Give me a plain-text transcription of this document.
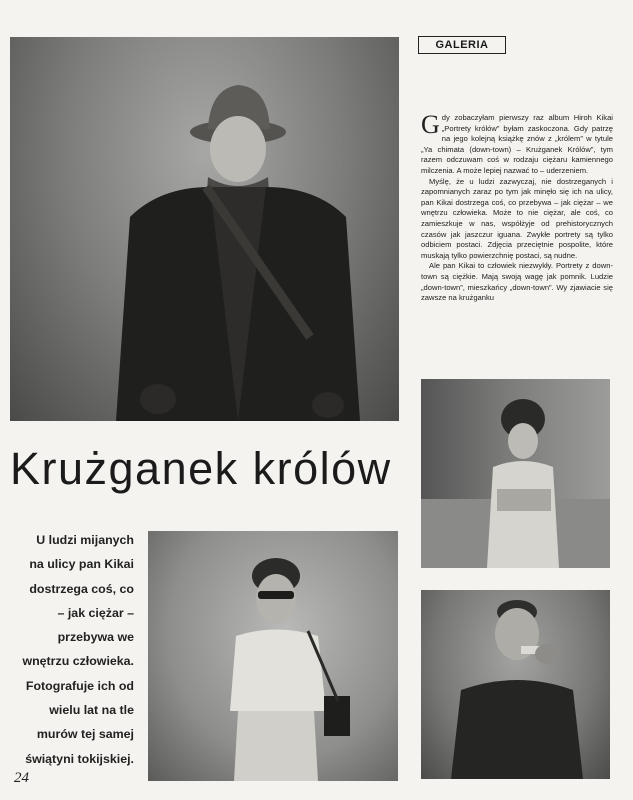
GALERIA

Gdy zobaczyłam pierwszy raz album Hiroh Kikai „Portrety królów” byłam zaskoczona. Gdy patrzę na jego kolejną książkę znów z „królem” w tytule „Ya chimata (down-town) – Krużganek Królów”, tym razem odczuwam coś w rodzaju ciężaru kamiennego milczenia. A może lepiej nazwać to – uderzeniem.

Myślę, że u ludzi zazwyczaj, nie dostrzeganych i zapomnianych zaraz po tym jak minęło się ich na ulicy, pan Kikai dostrzega coś, co przebywa – jak ciężar – we wnętrzu człowieka. Może to nie ciężar, ale coś, co zamieszkuje w nas, współżyje od prehistorycznych czasów jak jaszczur iguana. Zwykłe portrety są tylko odbiciem postaci. Zdjęcia przeciętnie pospolite, które muskają tylko powierzchnię postaci, są nudne.

Ale pan Kikai to człowiek niezwykły. Portrety z down-town są ciężkie. Mają swoją wagę jak pomnik. Ludzie „down-town”, mieszkańcy „down-town”. Wy zjawiacie się zawsze na krużganku

Krużganek królów
U ludzi mijanych na ulicy pan Kikai dostrzega coś, co – jak ciężar – przebywa we wnętrzu człowieka. Fotografuje ich od wielu lat na tle murów tej samej świątyni tokijskiej.
24
